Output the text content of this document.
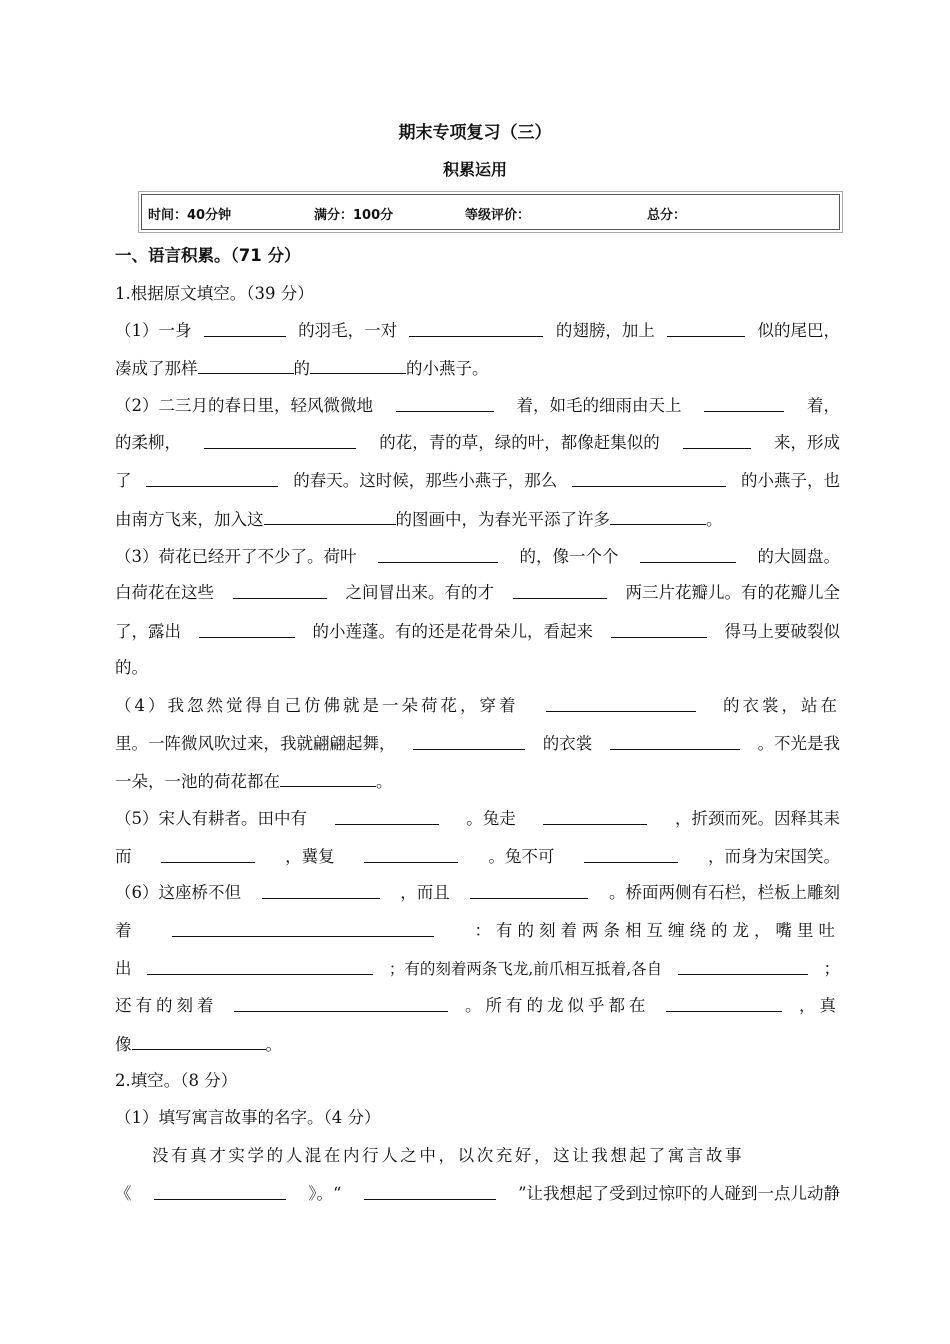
期末专项复习（三）
积累运用
时间：40分钟	满分：100分	等级评价：	总分：
一、语言积累。（71 分）
1.根据原文填空。（39 分）
（1）一身	的羽毛，一对	的翅膀，加上	似的尾巴，
凑成了那样	的	的小燕子。
（2）二三月的春日里，轻风微微地	着，如毛的细雨由天上	着，
的柔柳，	的花，青的草，绿的叶，都像赶集似的	来，形成
了	的春天。这时候，那些小燕子，那么	的小燕子，也
由南方飞来，加入这	的图画中，为春光平添了许多	。
（3）荷花已经开了不少了。荷叶	的，像一个个	的大圆盘。
白荷花在这些	之间冒出来。有的才	两三片花瓣儿。有的花瓣儿全
了，露出	的小莲蓬。有的还是花骨朵儿，看起来	得马上要破裂似
的。
（4）我忽然觉得自己仿佛就是一朵荷花，穿着	的衣裳，站在
里。一阵微风吹过来，我就翩翩起舞，	的衣裳	。不光是我
一朵，一池的荷花都在	。
（5）宋人有耕者。田中有	。兔走	，折颈而死。因释其耒
而	，冀复	。兔不可	，而身为宋国笑。
（6）这座桥不但	，而且	。桥面两侧有石栏，栏板上雕刻
着	：有的刻着两条相互缠绕的龙，嘴里吐
出	；有的刻着两条飞龙,前爪相互抵着,各自	；
还有的刻着	。所有的龙似乎都在	，真
像	。
2.填空。（8 分）
（1）填写寓言故事的名字。（4 分）
没有真才实学的人混在内行人之中，以次充好，这让我想起了寓言故事
《	》。“	”让我想起了受到过惊吓的人碰到一点儿动静
